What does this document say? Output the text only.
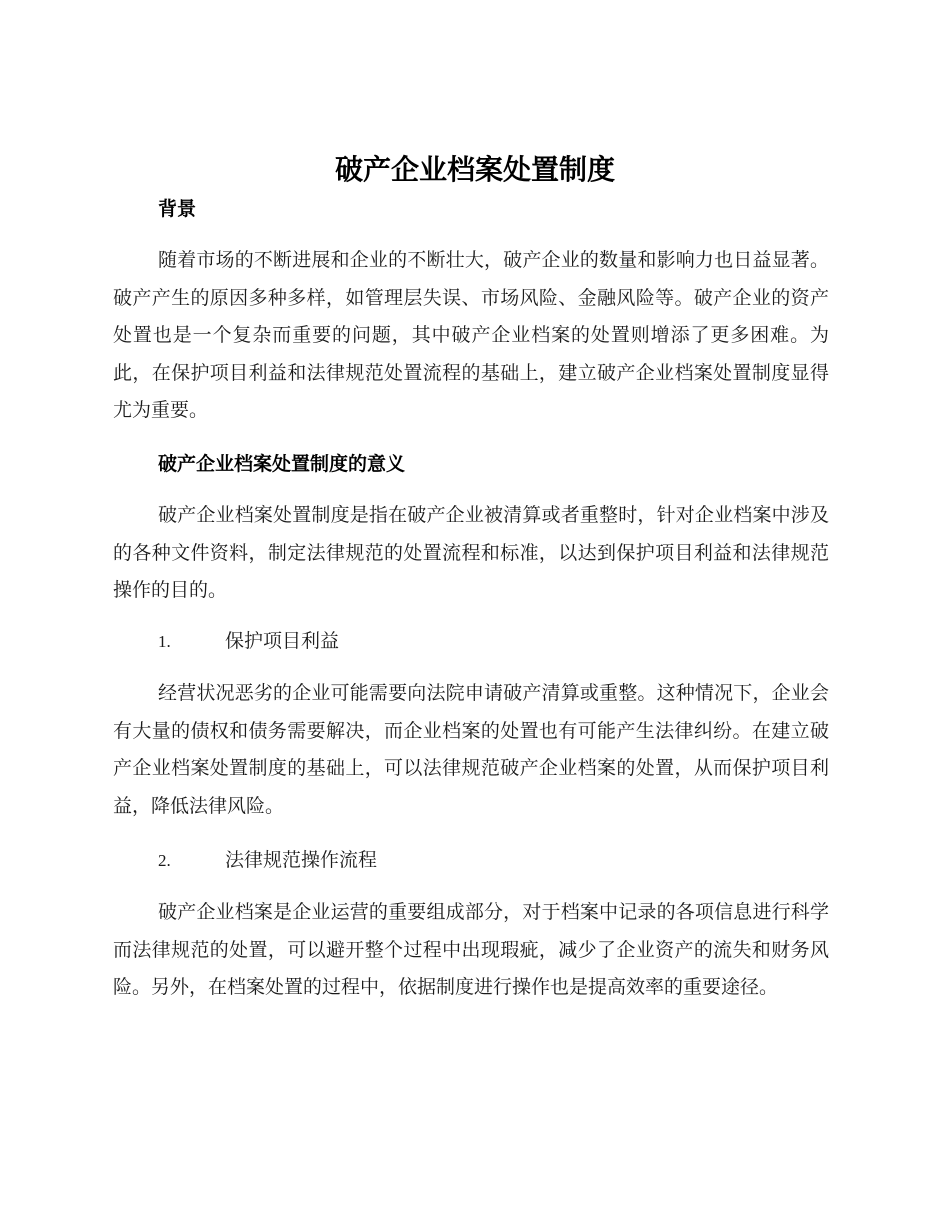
破产企业档案处置制度
背景

随着市场的不断进展和企业的不断壮大，破产企业的数量和影响力也日益显著。破产产生的原因多种多样，如管理层失误、市场风险、金融风险等。破产企业的资产处置也是一个复杂而重要的问题，其中破产企业档案的处置则增添了更多困难。为此，在保护项目利益和法律规范处置流程的基础上，建立破产企业档案处置制度显得尤为重要。

破产企业档案处置制度的意义

破产企业档案处置制度是指在破产企业被清算或者重整时，针对企业档案中涉及的各种文件资料，制定法律规范的处置流程和标准，以达到保护项目利益和法律规范操作的目的。

1.	保护项目利益

经营状况恶劣的企业可能需要向法院申请破产清算或重整。这种情况下，企业会有大量的债权和债务需要解决，而企业档案的处置也有可能产生法律纠纷。在建立破产企业档案处置制度的基础上，可以法律规范破产企业档案的处置，从而保护项目利益，降低法律风险。

2.	法律规范操作流程

破产企业档案是企业运营的重要组成部分，对于档案中记录的各项信息进行科学而法律规范的处置，可以避开整个过程中出现瑕疵，减少了企业资产的流失和财务风险。另外，在档案处置的过程中，依据制度进行操作也是提高效率的重要途径。
